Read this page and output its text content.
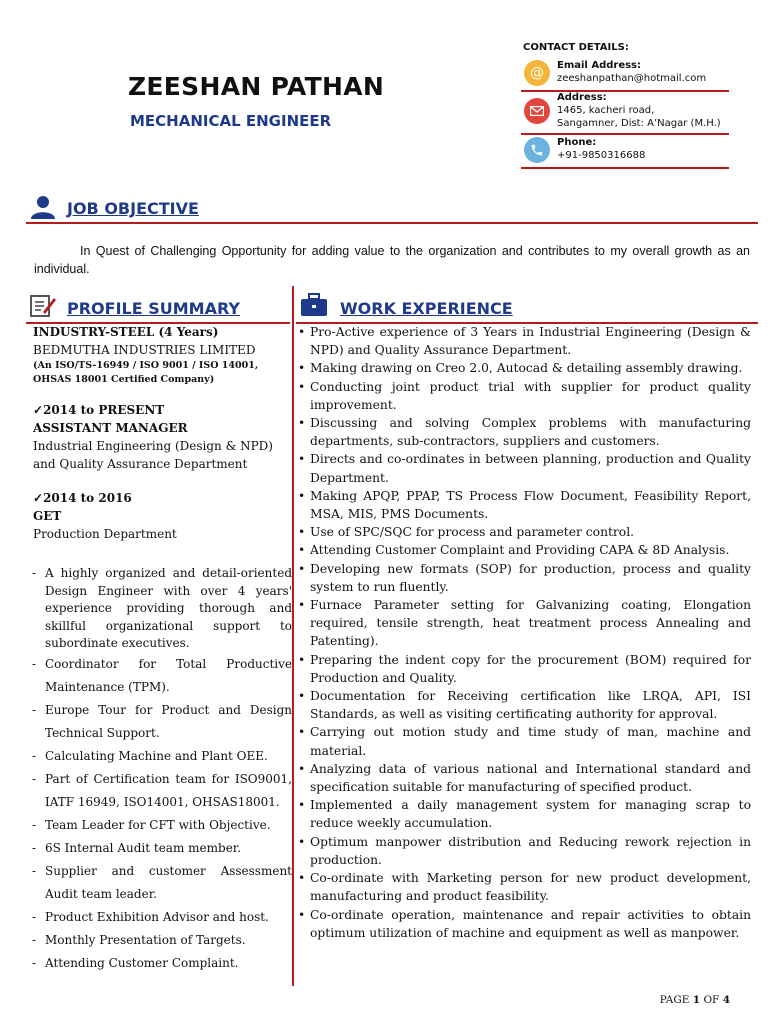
ZEESHAN PATHAN
MECHANICAL ENGINEER
CONTACT DETAILS:
@	Email Address:
zeeshanpathan@hotmail.com
Address:
1465, kacheri road,
Sangamner, Dist: A’Nagar (M.H.)
Phone:
+91-9850316688
JOB OBJECTIVE
In Quest of Challenging Opportunity for adding value to the organization and contributes to my overall growth as an individual.
PROFILE SUMMARY	WORK EXPERIENCE
INDUSTRY-STEEL (4 Years)
BEDMUTHA INDUSTRIES LIMITED
(An ISO/TS-16949 / ISO 9001 / ISO 14001,
OHSAS 18001 Certified Company)
✓2014 to PRESENT
ASSISTANT MANAGER
Industrial Engineering (Design & NPD)
and Quality Assurance Department
✓2014 to 2016
GET
Production Department
- A highly organized and detail-oriented Design Engineer with over 4 years' experience providing thorough and skillful organizational support to subordinate executives.
- Coordinator for Total Productive Maintenance (TPM).
- Europe Tour for Product and Design Technical Support.
- Calculating Machine and Plant OEE.
- Part of Certification team for ISO9001, IATF 16949, ISO14001, OHSAS18001.
- Team Leader for CFT with Objective.
- 6S Internal Audit team member.
- Supplier and customer Assessment Audit team leader.
- Product Exhibition Advisor and host.
- Monthly Presentation of Targets.
- Attending Customer Complaint.
• Pro-Active experience of 3 Years in Industrial Engineering (Design & NPD) and Quality Assurance Department.
• Making drawing on Creo 2.0, Autocad & detailing assembly drawing.
• Conducting joint product trial with supplier for product quality improvement.
• Discussing and solving Complex problems with manufacturing departments, sub-contractors, suppliers and customers.
• Directs and co-ordinates in between planning, production and Quality Department.
• Making APQP, PPAP, TS Process Flow Document, Feasibility Report, MSA, MIS, PMS Documents.
• Use of SPC/SQC for process and parameter control.
• Attending Customer Complaint and Providing CAPA & 8D Analysis.
• Developing new formats (SOP) for production, process and quality system to run fluently.
• Furnace Parameter setting for Galvanizing coating, Elongation required, tensile strength, heat treatment process Annealing and Patenting).
• Preparing the indent copy for the procurement (BOM) required for Production and Quality.
• Documentation for Receiving certification like LRQA, API, ISI Standards, as well as visiting certificating authority for approval.
• Carrying out motion study and time study of man, machine and material.
• Analyzing data of various national and International standard and specification suitable for manufacturing of specified product.
• Implemented a daily management system for managing scrap to reduce weekly accumulation.
• Optimum manpower distribution and Reducing rework rejection in production.
• Co-ordinate with Marketing person for new product development, manufacturing and product feasibility.
• Co-ordinate operation, maintenance and repair activities to obtain optimum utilization of machine and equipment as well as manpower.
PAGE 1 OF 4
